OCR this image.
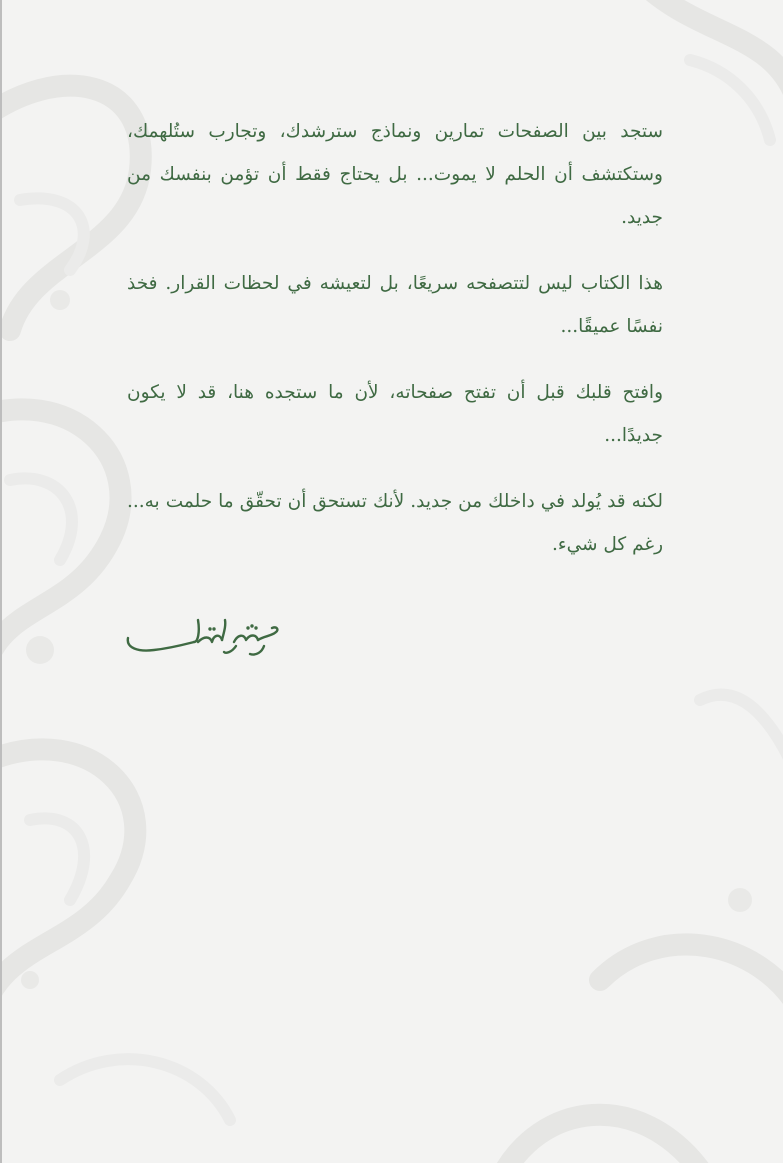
ستجد بين الصفحات تمارين ونماذج سترشدك، وتجارب ستُلهمك، وستكتشف أن الحلم لا يموت... بل يحتاج فقط أن تؤمن بنفسك من جديد.

هذا الكتاب ليس لتتصفحه سريعًا، بل لتعيشه في لحظات القرار. فخذ نفسًا عميقًا...

وافتح قلبك قبل أن تفتح صفحاته، لأن ما ستجده هنا، قد لا يكون جديدًا...

لكنه قد يُولد في داخلك من جديد. لأنك تستحق أن تحقّق ما حلمت به... رغم كل شيء.
